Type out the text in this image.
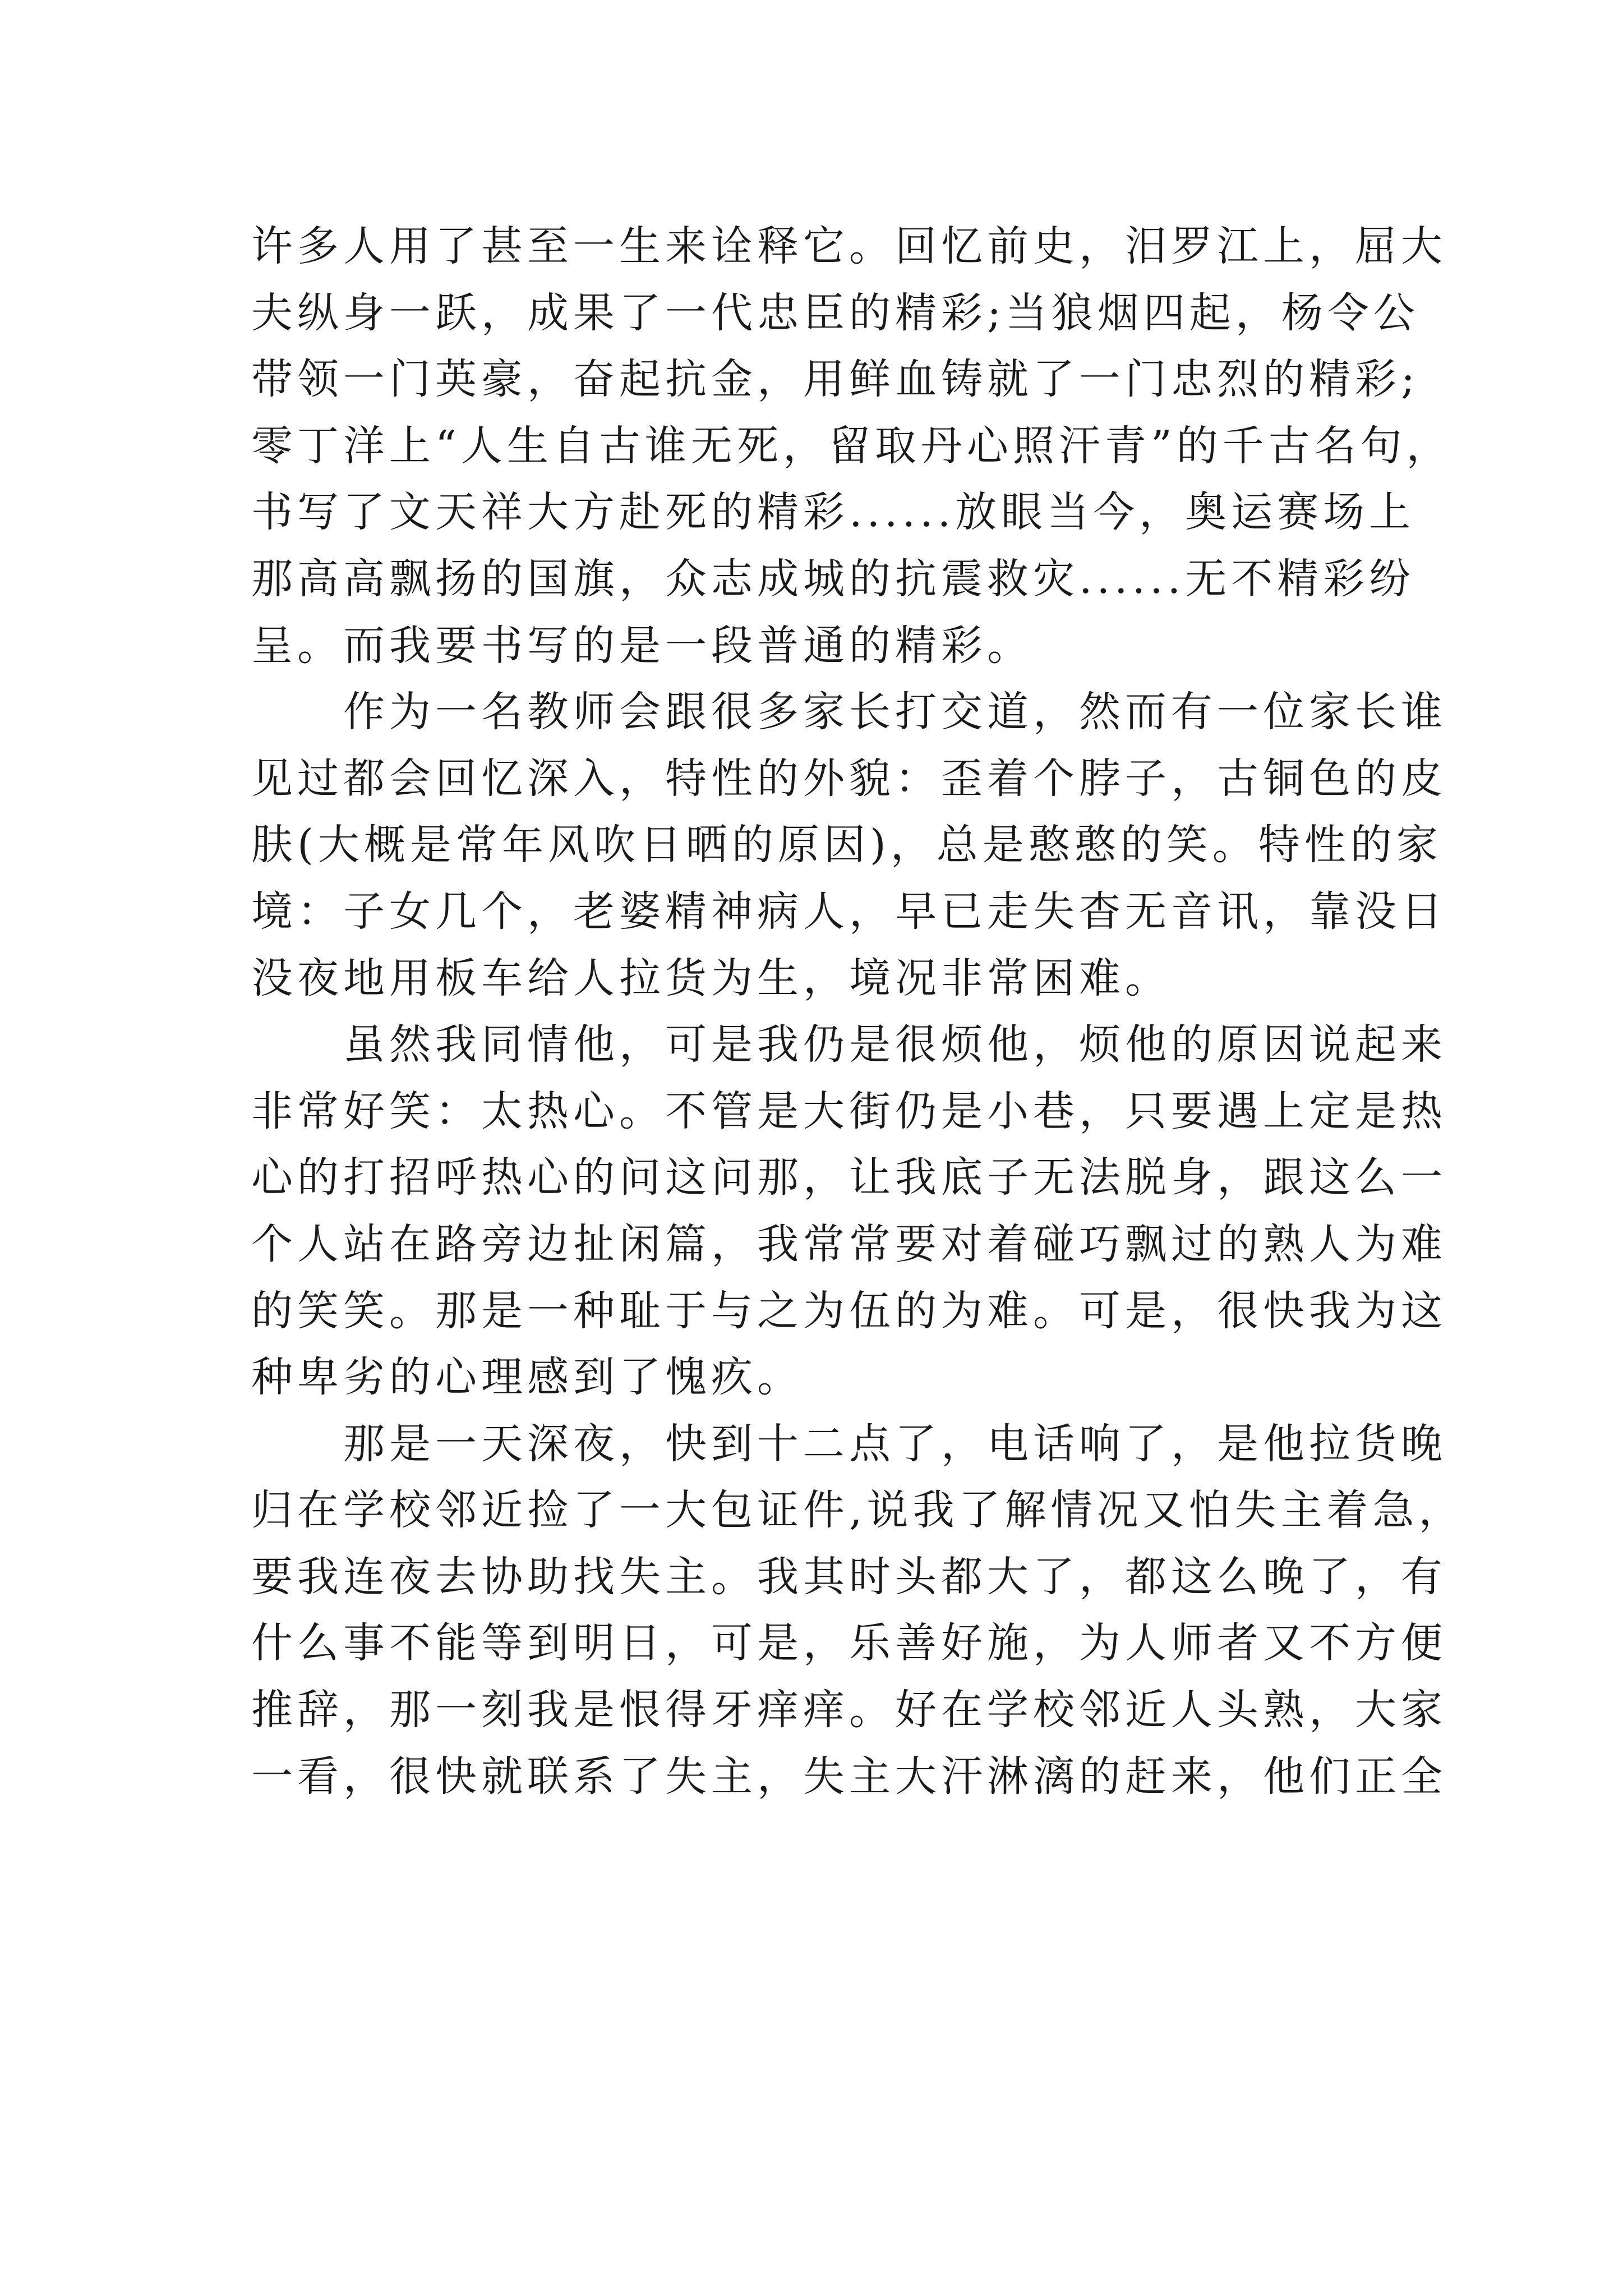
许多人用了甚至一生来诠释它。回忆前史，汨罗江上，屈大
夫纵身一跃，成果了一代忠臣的精彩;当狼烟四起，杨令公
带领一门英豪，奋起抗金，用鲜血铸就了一门忠烈的精彩;
零丁洋上“人生自古谁无死，留取丹心照汗青”的千古名句，
书写了文天祥大方赴死的精彩......放眼当今，奥运赛场上
那高高飘扬的国旗，众志成城的抗震救灾......无不精彩纷
呈。而我要书写的是一段普通的精彩。
作为一名教师会跟很多家长打交道，然而有一位家长谁
见过都会回忆深入，特性的外貌：歪着个脖子，古铜色的皮
肤(大概是常年风吹日晒的原因)，总是憨憨的笑。特性的家
境：子女几个，老婆精神病人，早已走失杳无音讯，靠没日
没夜地用板车给人拉货为生，境况非常困难。
虽然我同情他，可是我仍是很烦他，烦他的原因说起来
非常好笑：太热心。不管是大街仍是小巷，只要遇上定是热
心的打招呼热心的问这问那，让我底子无法脱身，跟这么一
个人站在路旁边扯闲篇，我常常要对着碰巧飘过的熟人为难
的笑笑。那是一种耻于与之为伍的为难。可是，很快我为这
种卑劣的心理感到了愧疚。
那是一天深夜，快到十二点了，电话响了，是他拉货晚
归在学校邻近捡了一大包证件,说我了解情况又怕失主着急，
要我连夜去协助找失主。我其时头都大了，都这么晚了，有
什么事不能等到明日，可是，乐善好施，为人师者又不方便
推辞，那一刻我是恨得牙痒痒。好在学校邻近人头熟，大家
一看，很快就联系了失主，失主大汗淋漓的赶来，他们正全
